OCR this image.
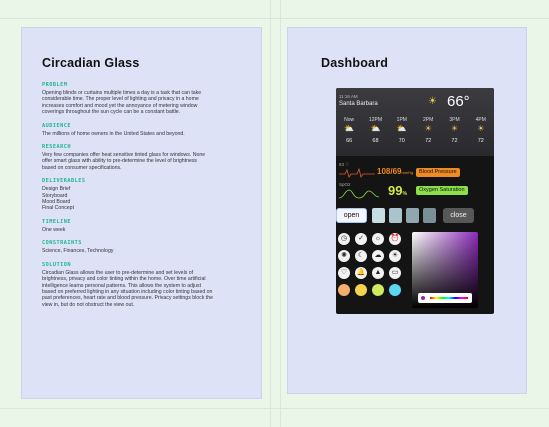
Circadian Glass
PROBLEM
Opening blinds or curtains multiple times a day is a task that can take
considerable time. The proper level of lighting and privacy in a home
increases comfort and mood yet the annoyance of metering window
coverings throughout the sun cycle can be a constant battle.
AUDIENCE
The millions of home owners in the United States and beyond.
RESEARCH
Very few companies offer heat sensitive tinted glass for windows. None
offer smart glass with ability to pre-determine the level of brightness
based on consumer specifications.
DELIVERABLES
Design Brief
Storyboard
Mood Board
Final Concept
TIMELINE
One week
CONSTRAINTS
Science, Finances, Technology
SOLUTION
Circadian Glass allows the user to pre-determine and set levels of
brightness, privacy and color tinting within the home. Over time artificial
intelligence learns personal patterns. This allows the system to adjust
based on preferred lighting in any situation including color tinting based on
past preferences, heart rate and blood pressure. Privacy settings block the
view in, but do not obstruct the view out.
Dashboard
11:16 AM
Santa Barbara	☀ 66°
Now	12PM	1PM	2PM	3PM	4PM
⛅	⛅	⛅	☀	☀	☀
66	68	70	72	72	72
83 ♡
108/69mmHg	Blood Pressure
SpO2	99%
Oxygen Saturation
open	close
◷	✓	☼	⏰
✺	☾	☁	☀
♡	🔔	▲	▭
